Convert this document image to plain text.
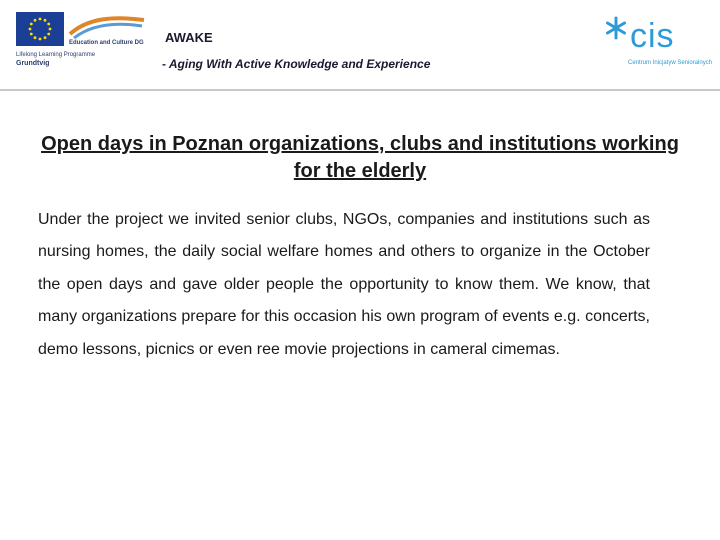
Education and Culture DG
Lifelong Learning Programme
Grundtvig

AWAKE

- Aging With Active Knowledge and Experience

cis
Centrum Inicjatyw Senioralnych
Open days in Poznan organizations, clubs and institutions working for the elderly

Under the project we invited senior clubs, NGOs, companies and institutions such as nursing homes, the daily social welfare homes and others to organize in the October the open days and gave older people the opportunity to know them. We know, that many organizations prepare for this occasion his own program of events e.g. concerts, demo lessons, picnics or even ree movie projections in cameral cimemas.
